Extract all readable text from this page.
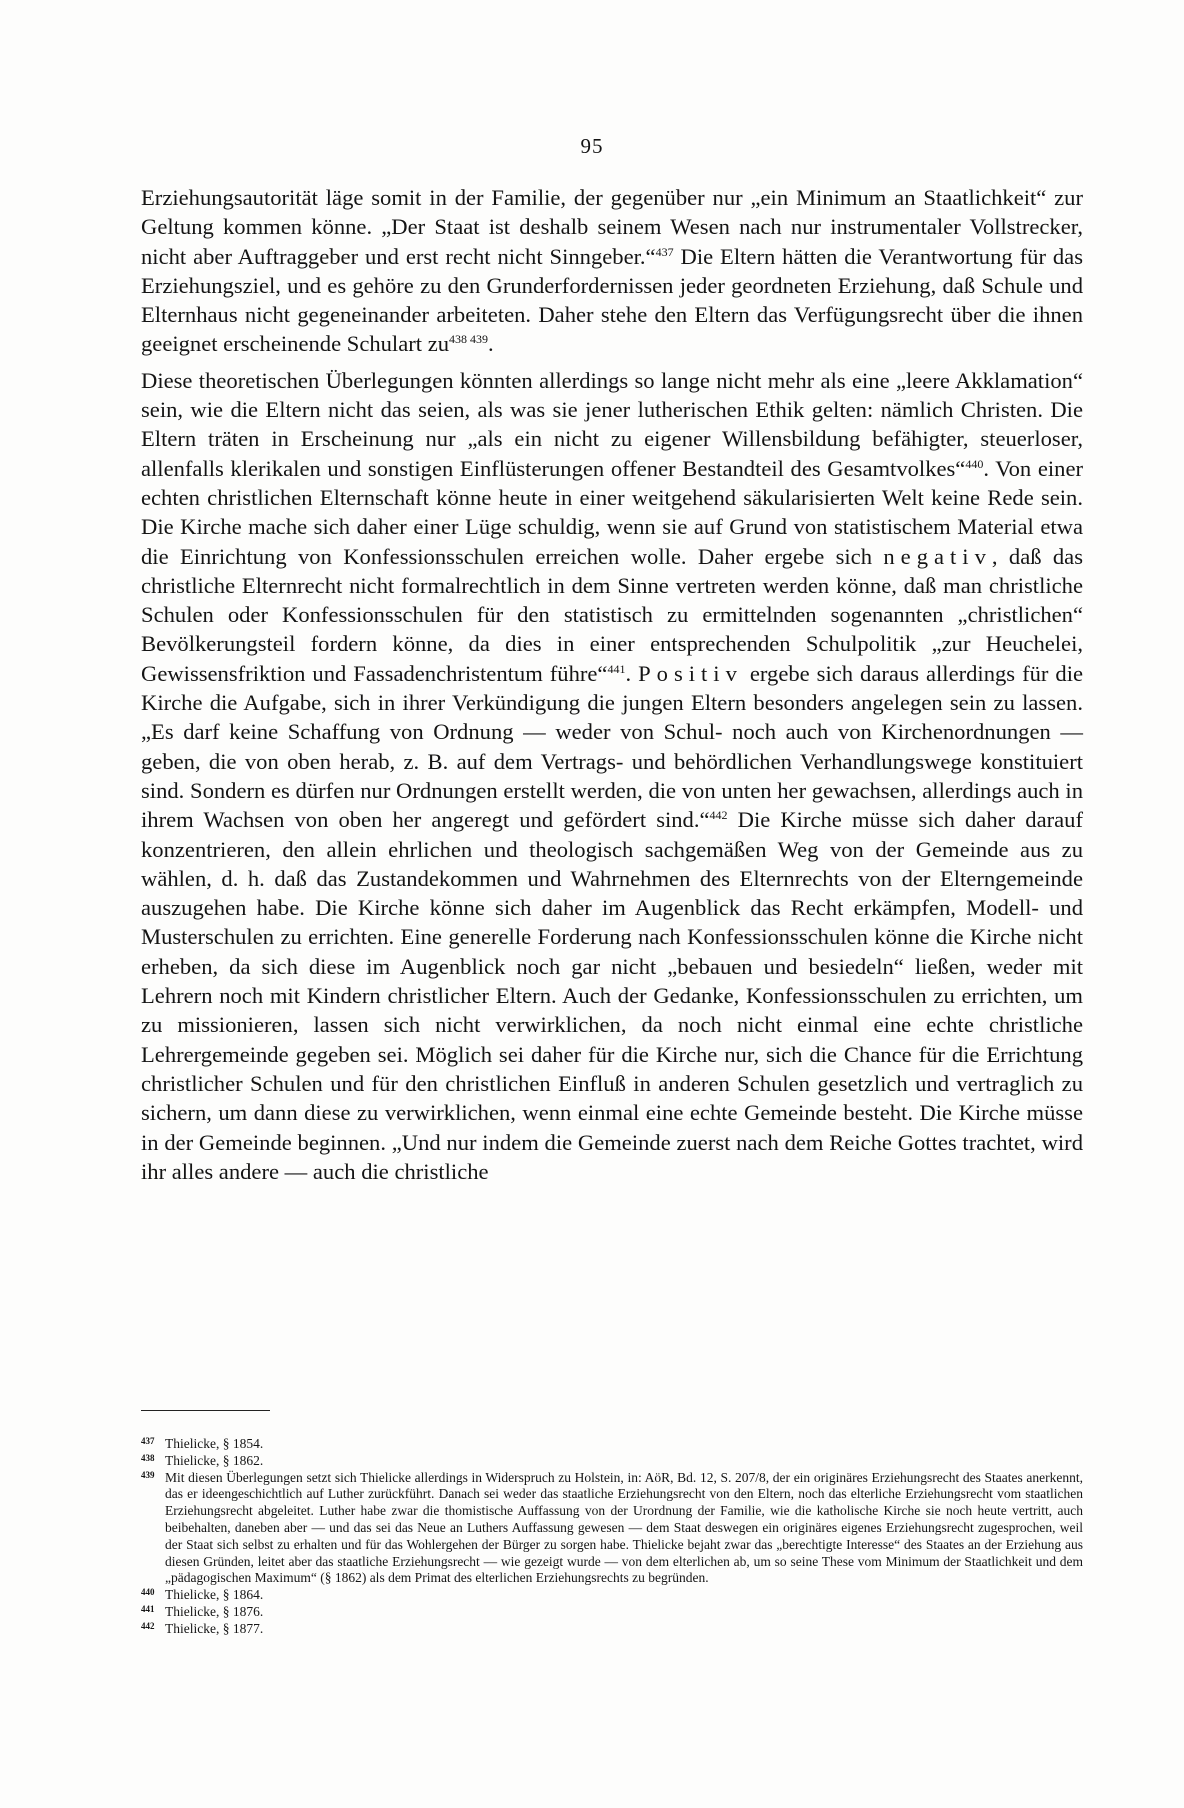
95

Erziehungsautorität läge somit in der Familie, der gegenüber nur „ein Minimum an Staatlichkeit“ zur Geltung kommen könne. „Der Staat ist deshalb seinem Wesen nach nur instrumentaler Vollstrecker, nicht aber Auftraggeber und erst recht nicht Sinngeber.“$^{437}$ Die Eltern hätten die Verantwortung für das Erziehungsziel, und es gehöre zu den Grunderfordernissen jeder geordneten Erziehung, daß Schule und Elternhaus nicht gegeneinander arbeiteten. Daher stehe den Eltern das Verfügungsrecht über die ihnen geeignet erscheinende Schulart $zu^{438 439}$.

Diese theoretischen Überlegungen könnten allerdings so lange nicht mehr als eine „leere Akklamation“ sein, wie die Eltern nicht das seien, als was sie jener lutherischen Ethik gelten: nämlich Christen. Die Eltern träten in Erscheinung nur „als ein nicht zu eigener Willensbildung befähigter, steuerloser, allenfalls klerikalen und sonstigen Einflüsterungen offener Bestandteil des Gesamtvolkes“$^{440}$. Von einer echten christlichen Elternschaft könne heute in einer weitgehend säkularisierten Welt keine Rede sein. Die Kirche mache sich daher einer Lüge schuldig, wenn sie auf Grund von statistischem Material etwa die Einrichtung von Konfessionsschulen erreichen wolle. Daher ergebe sich negativ, daß das christliche Elternrecht nicht formalrechtlich in dem Sinne vertreten werden könne, daß man christliche Schulen oder Konfessionsschulen für den statistisch zu ermittelnden sogenannten „christlichen“ Bevölkerungsteil fordern könne, da dies in einer entsprechenden Schulpolitik „zur Heuchelei, Gewissensfriktion und Fassadenchristentum führe“$^{441}$. Positiv ergebe sich daraus allerdings für die Kirche die Aufgabe, sich in ihrer Verkündigung die jungen Eltern besonders angelegen sein zu lassen. „Es darf keine Schaffung von Ordnung — weder von Schul- noch auch von Kirchenordnungen — geben, die von oben herab, z. B. auf dem Vertrags- und behördlichen Verhandlungswege konstituiert sind. Sondern es dürfen nur Ordnungen erstellt werden, die von unten her gewachsen, allerdings auch in ihrem Wachsen von oben her angeregt und gefördert sind.“$^{442}$ Die Kirche müsse sich daher darauf konzentrieren, den allein ehrlichen und theologisch sachgemäßen Weg von der Gemeinde aus zu wählen, d. h. daß das Zustandekommen und Wahrnehmen des Elternrechts von der Elterngemeinde auszugehen habe. Die Kirche könne sich daher im Augenblick das Recht erkämpfen, Modell- und Musterschulen zu errichten. Eine generelle Forderung nach Konfessionsschulen könne die Kirche nicht erheben, da sich diese im Augenblick noch gar nicht „bebauen und besiedeln“ ließen, weder mit Lehrern noch mit Kindern christlicher Eltern. Auch der Gedanke, Konfessionsschulen zu errichten, um zu missionieren, lassen sich nicht verwirklichen, da noch nicht einmal eine echte christliche Lehrergemeinde gegeben sei. Möglich sei daher für die Kirche nur, sich die Chance für die Errichtung christlicher Schulen und für den christlichen Einfluß in anderen Schulen gesetzlich und vertraglich zu sichern, um dann diese zu verwirklichen, wenn einmal eine echte Gemeinde besteht. Die Kirche müsse in der Gemeinde beginnen. „Und nur indem die Gemeinde zuerst nach dem Reiche Gottes trachtet, wird ihr alles andere — auch die christliche

437 Thielicke, § 1854.
438 Thielicke, § 1862.
439 Mit diesen Überlegungen setzt sich Thielicke allerdings in Widerspruch zu Holstein, in: AöR, Bd. 12, S. 207/8, der ein originäres Erziehungsrecht des Staates anerkennt, das er ideengeschichtlich auf Luther zurückführt. Danach sei weder das staatliche Erziehungsrecht von den Eltern, noch das elterliche Erziehungsrecht vom staatlichen Erziehungsrecht abgeleitet. Luther habe zwar die thomistische Auffassung von der Urordnung der Familie, wie die katholische Kirche sie noch heute vertritt, auch beibehalten, daneben aber — und das sei das Neue an Luthers Auffassung gewesen — dem Staat deswegen ein originäres eigenes Erziehungsrecht zugesprochen, weil der Staat sich selbst zu erhalten und für das Wohlergehen der Bürger zu sorgen habe. Thielicke bejaht zwar das „berechtigte Interesse“ des Staates an der Erziehung aus diesen Gründen, leitet aber das staatliche Erziehungsrecht — wie gezeigt wurde — von dem elterlichen ab, um so seine These vom Minimum der Staatlichkeit und dem „pädagogischen Maximum“ (§ 1862) als dem Primat des elterlichen Erziehungsrechts zu begründen.
440 Thielicke, § 1864.
441 Thielicke, § 1876.
442 Thielicke, § 1877.
